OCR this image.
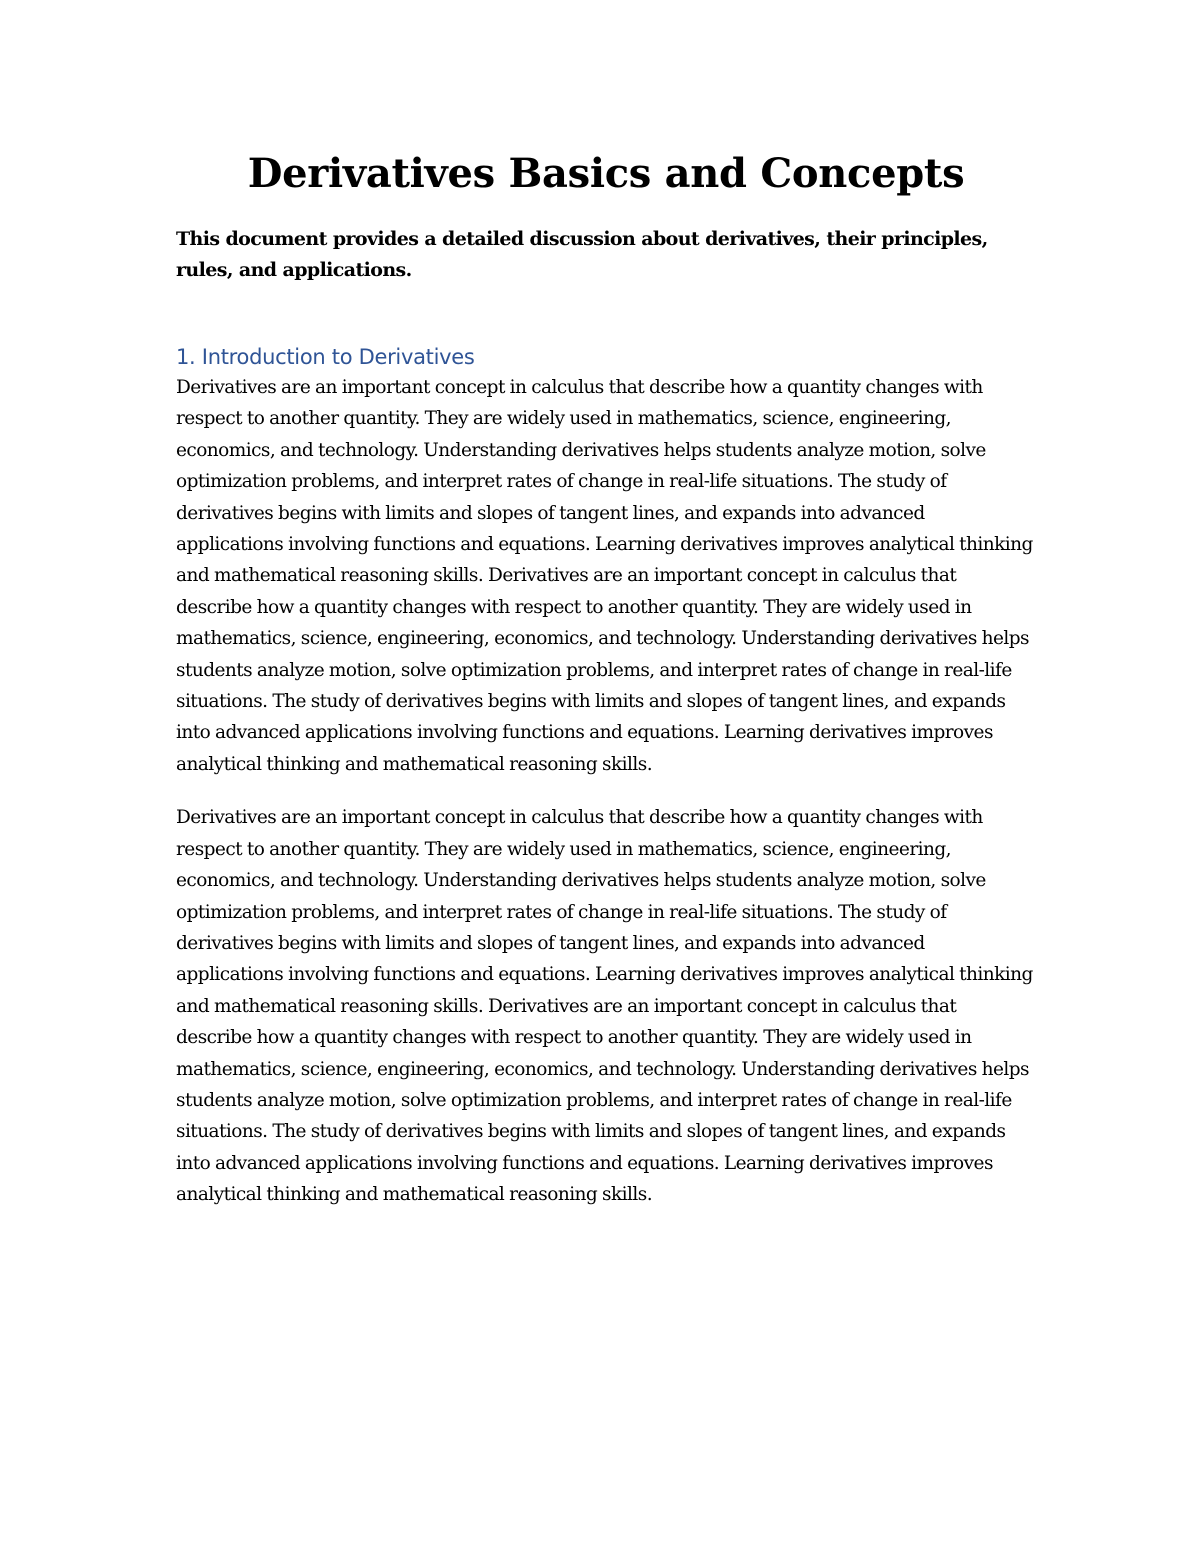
Derivatives Basics and Concepts

This document provides a detailed discussion about derivatives, their principles, rules, and applications.

1. Introduction to Derivatives

Derivatives are an important concept in calculus that describe how a quantity changes with respect to another quantity. They are widely used in mathematics, science, engineering, economics, and technology. Understanding derivatives helps students analyze motion, solve optimization problems, and interpret rates of change in real-life situations. The study of derivatives begins with limits and slopes of tangent lines, and expands into advanced applications involving functions and equations. Learning derivatives improves analytical thinking and mathematical reasoning skills. Derivatives are an important concept in calculus that describe how a quantity changes with respect to another quantity. They are widely used in mathematics, science, engineering, economics, and technology. Understanding derivatives helps students analyze motion, solve optimization problems, and interpret rates of change in real-life situations. The study of derivatives begins with limits and slopes of tangent lines, and expands into advanced applications involving functions and equations. Learning derivatives improves analytical thinking and mathematical reasoning skills.

Derivatives are an important concept in calculus that describe how a quantity changes with respect to another quantity. They are widely used in mathematics, science, engineering, economics, and technology. Understanding derivatives helps students analyze motion, solve optimization problems, and interpret rates of change in real-life situations. The study of derivatives begins with limits and slopes of tangent lines, and expands into advanced applications involving functions and equations. Learning derivatives improves analytical thinking and mathematical reasoning skills. Derivatives are an important concept in calculus that describe how a quantity changes with respect to another quantity. They are widely used in mathematics, science, engineering, economics, and technology. Understanding derivatives helps students analyze motion, solve optimization problems, and interpret rates of change in real-life situations. The study of derivatives begins with limits and slopes of tangent lines, and expands into advanced applications involving functions and equations. Learning derivatives improves analytical thinking and mathematical reasoning skills.
